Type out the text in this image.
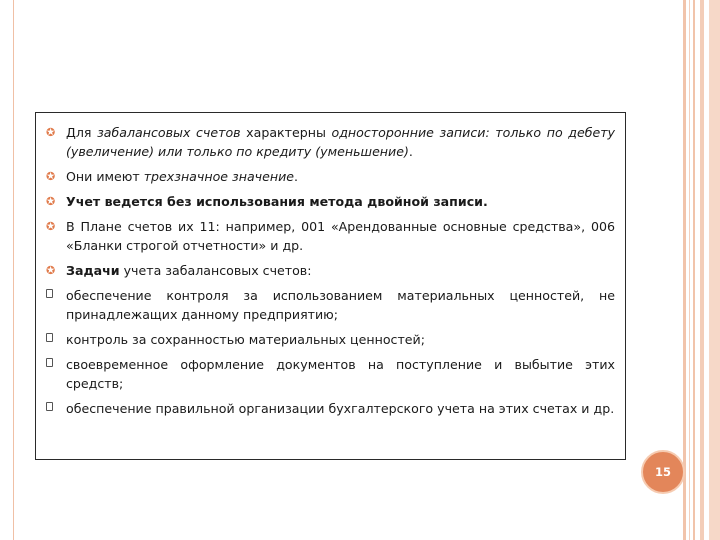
✪ Для забалансовых счетов характерны односторонние записи: только по дебету (увеличение) или только по кредиту (уменьшение).
✪ Они имеют трехзначное значение.
✪ Учет ведется без использования метода двойной записи.
✪ В Плане счетов их 11: например, 001 «Арендованные основные средства», 006 «Бланки строгой отчетности» и др.
✪ Задачи учета забалансовых счетов:
обеспечение контроля за использованием материальных ценностей, не принадлежащих данному предприятию;
контроль за сохранностью материальных ценностей;
своевременное оформление документов на поступление и выбытие этих средств;
обеспечение правильной организации бухгалтерского учета на этих счетах и др.
15
